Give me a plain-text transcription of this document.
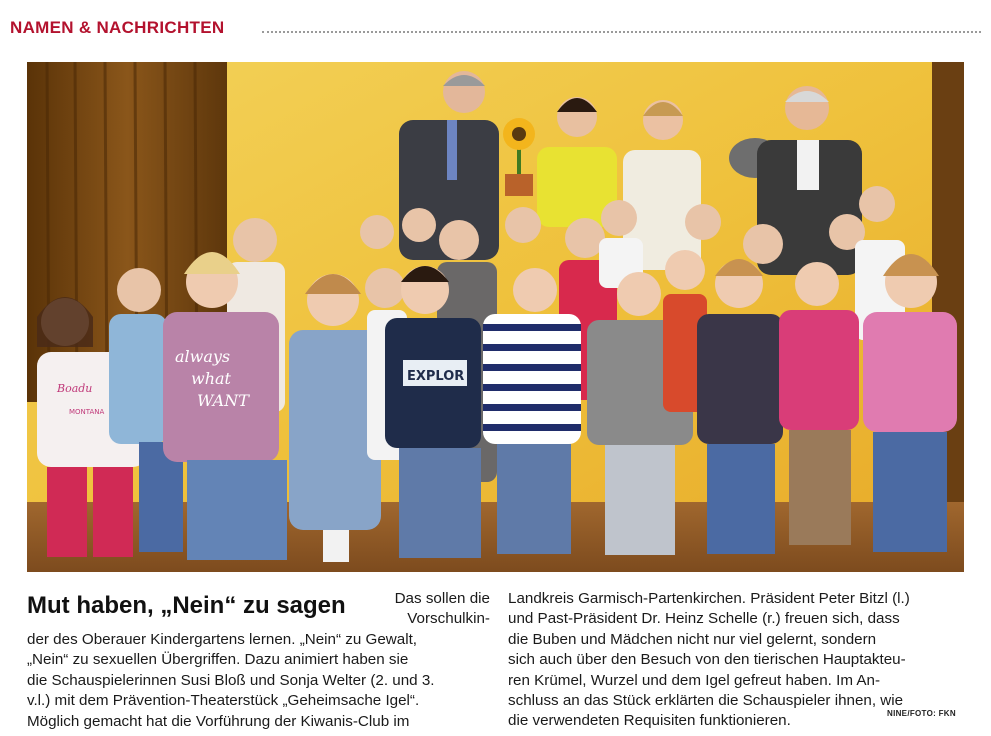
NAMEN & NACHRICHTEN
Boadu
MONTANA
always
what
WANT
EXPLOR
Mut haben, „Nein“ zu sagen	Das sollen die
Vorschulkin-
der des Oberauer Kindergartens lernen. „Nein“ zu Gewalt,
„Nein“ zu sexuellen Übergriffen. Dazu animiert haben sie
die Schauspielerinnen Susi Bloß und Sonja Welter (2. und 3.
v.l.) mit dem Prävention-Theaterstück „Geheimsache Igel“.
Möglich gemacht hat die Vorführung der Kiwanis-Club im
Landkreis Garmisch-Partenkirchen. Präsident Peter Bitzl (l.)
und Past-Präsident Dr. Heinz Schelle (r.) freuen sich, dass
die Buben und Mädchen nicht nur viel gelernt, sondern
sich auch über den Besuch von den tierischen Hauptakteu-
ren Krümel, Wurzel und dem Igel gefreut haben. Im An-
schluss an das Stück erklärten die Schauspieler ihnen, wie
die verwendeten Requisiten funktionieren.	NINE/FOTO: FKN
